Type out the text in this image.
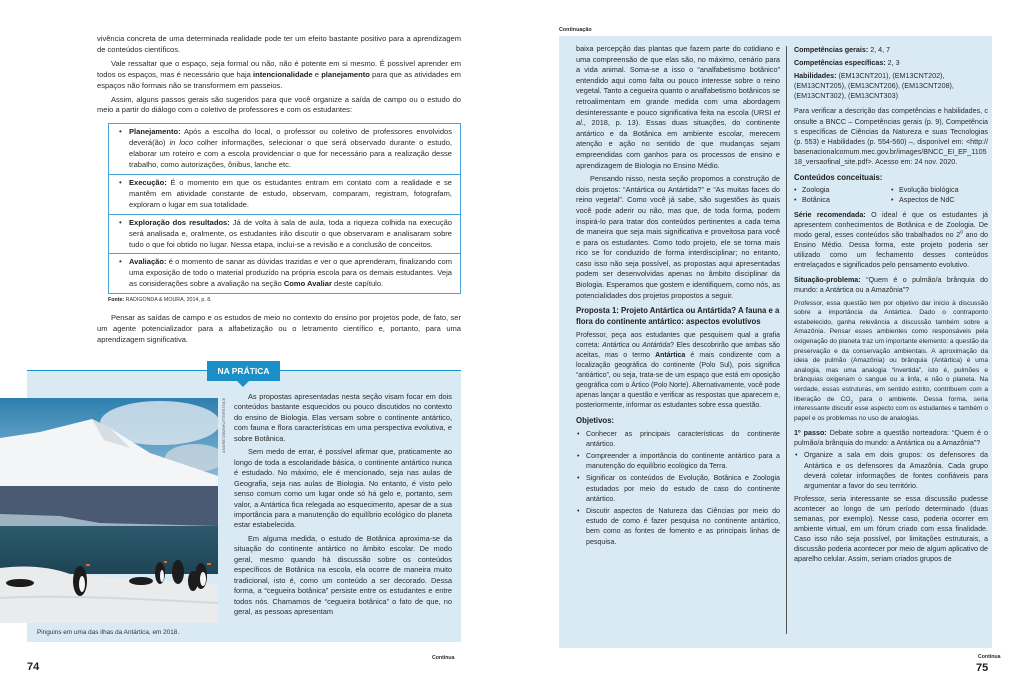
vivência concreta de uma determinada realidade pode ter um efeito bastante positivo para a aprendizagem de conteúdos científicos.

Vale ressaltar que o espaço, seja formal ou não, não é potente em si mesmo. É possível aprender em todos os espaços, mas é necessário que haja intencionalidade e planejamento para que as atividades em espaços não formais não se transformem em passeios.

Assim, alguns passos gerais são sugeridos para que você organize a saída de campo ou o estudo do meio a partir do diálogo com o coletivo de professores e com os estudantes:

• Planejamento: Após a escolha do local, o professor ou coletivo de professores envolvidos deverá(ão) in loco colher informações, selecionar o que será observado durante o estudo, elaborar um roteiro e com a escola providenciar o que for necessário para a realização desse trabalho, como autorizações, ônibus, lanche etc.

• Execução: É o momento em que os estudantes entram em contato com a realidade e se mantêm em atividade constante de estudo, observam, comparam, registram, fotografam, exploram o lugar em sua totalidade.

• Exploração dos resultados: Já de volta à sala de aula, toda a riqueza colhida na execução será analisada e, oralmente, os estudantes irão discutir o que observaram e analisaram sobre tudo o que foi obtido no lugar. Nessa etapa, inclui-se a revisão e a conclusão de conceitos.

• Avaliação: é o momento de sanar as dúvidas trazidas e ver o que aprenderam, finalizando com uma exposição de todo o material produzido na própria escola para os demais estudantes. Veja as considerações sobre a avaliação na seção Como Avaliar deste capítulo.

Fonte: RADIGONDA & MOURA, 2014, p. 8.

Pensar as saídas de campo e os estudos de meio no contexto do ensino por projetos pode, de fato, ser um agente potencializador para a alfabetização ou o letramento científico e, portanto, para uma aprendizagem significativa.

NA PRÁTICA
ANDRÉ DIB/SHUTTERSTOCK
Pinguins em uma das ilhas da Antártica, em 2018.

As propostas apresentadas nesta seção visam focar em dois conteúdos bastante esquecidos ou pouco discutidos no contexto do ensino de Biologia. Elas versam sobre o continente antártico, com fauna e flora características em uma perspectiva evolutiva, e sobre Botânica.

Sem medo de errar, é possível afirmar que, praticamente ao longo de toda a escolaridade básica, o continente antártico nunca é estudado. No máximo, ele é mencionado, seja nas aulas de Geografia, seja nas aulas de Biologia. No entanto, é visto pelo senso comum como um lugar onde só há gelo e, portanto, sem valor, a Antártica fica relegada ao esquecimento, apesar de a sua importância para a manutenção do equilíbrio ecológico do planeta estar estabelecida.

Em alguma medida, o estudo de Botânica aproxima-se da situação do continente antártico no âmbito escolar. De modo geral, mesmo quando há discussão sobre os conteúdos específicos de Botânica na escola, ela ocorre de maneira muito tradicional, isto é, como um conteúdo a ser decorado. Dessa forma, a “cegueira botânica” persiste entre os estudantes e entre todos nós. Chamamos de “cegueira botânica” o fato de que, no geral, as pessoas apresentam

Continua
74
Continuação

baixa percepção das plantas que fazem parte do cotidiano e uma compreensão de que elas são, no máximo, cenário para a vida animal. Soma-se a isso o “analfabetismo botânico” entendido aqui como falta ou pouco interesse sobre o reino vegetal. Tanto a cegueira quanto o analfabetismo botânicos se retroalimentam em grande medida com uma abordagem desinteressante e pouco significativa feita na escola (URSI et al., 2018, p. 13). Essas duas situações, do continente antártico e da Botânica em ambiente escolar, merecem atenção e ação no sentido de que mudanças sejam empreendidas com ganhos para os processos de ensino e aprendizagem de Biologia no Ensino Médio.

Pensando nisso, nesta seção propomos a construção de dois projetos: “Antártica ou Antártida?” e “As muitas faces do reino vegetal”. Como você já sabe, são sugestões às quais você pode aderir ou não, mas que, de toda forma, podem inspirá-lo para tratar dos conteúdos pertinentes a cada tema de maneira que seja mais significativa e proveitosa para você e para os estudantes. Como todo projeto, ele se torna mais rico se for conduzido de forma interdisciplinar; no entanto, caso isso não seja possível, as propostas aqui apresentadas podem ser desenvolvidas apenas no âmbito disciplinar da Biologia. Esperamos que gostem e identifiquem, como nós, as potencialidades dos projetos propostos a seguir.

Proposta 1: Projeto Antártica ou Antártida? A fauna e a flora do continente antártico: aspectos evolutivos

Professor, peça aos estudantes que pesquisem qual a grafia correta: Antártica ou Antártida? Eles descobrirão que ambas são aceitas, mas o termo Antártica é mais condizente com a localização geográfica do continente (Polo Sul), pois significa “antiártico”, ou seja, trata-se de um espaço que está em oposição geográfica com o Ártico (Polo Norte). Alternativamente, você pode apenas lançar a questão e verificar as respostas que aparecem e, posteriormente, informar os estudantes sobre essa questão.

Objetivos:
• Conhecer as principais características do continente antártico.
• Compreender a importância do continente antártico para a manutenção do equilíbrio ecológico da Terra.
• Significar os conteúdos de Evolução, Botânica e Zoologia estudados por meio do estudo de caso do continente antártico.
• Discutir aspectos de Natureza das Ciências por meio do estudo de como é fazer pesquisa no continente antártico, bem como as fontes de fomento e as principais linhas de pesquisa.

Competências gerais: 2, 4, 7

Competências específicas: 2, 3

Habilidades: (EM13CNT201), (EM13CNT202), (EM13CNT205), (EM13CNT206), (EM13CNT208), (EM13CNT302), (EM13CNT303)

Para verificar a descrição das competências e habilidades, consulte a BNCC – Competências gerais (p. 9), Competências específicas de Ciências da Natureza e suas Tecnologias (p. 553) e Habilidades (p. 554-560) –, disponível em: <http://basenacionalcomum.mec.gov.br/images/BNCC_EI_EF_110518_versaofinal_site.pdf>. Acesso em: 24 nov. 2020.

Conteúdos conceituais:
• Zoologia	• Evolução biológica
• Botânica	• Aspectos de NdC

Série recomendada: O ideal é que os estudantes já apresentem conhecimentos de Botânica e de Zoologia. De modo geral, esses conteúdos são trabalhados no 2$^o$ ano do Ensino Médio. Dessa forma, este projeto poderia ser utilizado como um fechamento desses conteúdos entrelaçados e significados pelo pensamento evolutivo.

Situação-problema: “Quem é o pulmão/a brânquia do mundo: a Antártica ou a Amazônia”?

Professor, essa questão tem por objetivo dar início à discussão sobre a importância da Antártica. Dado o contraponto estabelecido, ganha relevância a discussão também sobre a Amazônia. Pensar esses ambientes como responsáveis pela oxigenação do planeta traz um importante elemento: a questão da preservação e da conservação ambientais. A aproximação da ideia de pulmão (Amazônia) ou brânquia (Antártica) é uma analogia, mas uma analogia “invertida”, isto é, pulmões e brânquias oxigenam o sangue ou a linfa, e não o planeta. Na verdade, essas estruturas, em sentido estrito, contribuem com a liberação de $CO_2$ para o ambiente. Dessa forma, seria interessante discutir esse aspecto com os estudantes e também o papel e os problemas no uso de analogias.

1º passo: Debate sobre a questão norteadora: “Quem é o pulmão/a brânquia do mundo: a Antártica ou a Amazônia”?

• Organize a sala em dois grupos: os defensores da Antártica e os defensores da Amazônia. Cada grupo deverá coletar informações de fontes confiáveis para argumentar a favor do seu território.

Professor, seria interessante se essa discussão pudesse acontecer ao longo de um período determinado (duas semanas, por exemplo). Nesse caso, poderia ocorrer em ambiente virtual, em um fórum criado com essa finalidade. Caso isso não seja possível, por limitações estruturais, a discussão poderia acontecer por meio de algum aplicativo de aparelho celular. Assim, seriam criados grupos de

Continua
75
